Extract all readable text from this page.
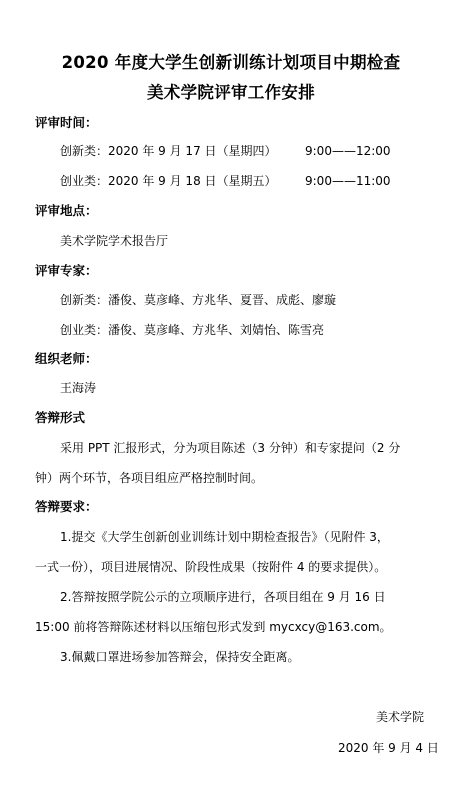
2020 年度大学生创新训练计划项目中期检查
美术学院评审工作安排
评审时间：
创新类：2020 年 9 月 17 日（星期四） 9:00——12:00
创业类：2020 年 9 月 18 日（星期五） 9:00——11:00
评审地点：
美术学院学术报告厅
评审专家：
创新类：潘俊、莫彦峰、方兆华、夏晋、成彪、廖璇
创业类：潘俊、莫彦峰、方兆华、刘婧怡、陈雪亮
组织老师：
王海涛
答辩形式
采用 PPT 汇报形式，分为项目陈述（3 分钟）和专家提问（2 分
钟）两个环节，各项目组应严格控制时间。
答辩要求：
1.提交《大学生创新创业训练计划中期检查报告》（见附件 3，
一式一份），项目进展情况、阶段性成果（按附件 4 的要求提供）。
2.答辩按照学院公示的立项顺序进行，各项目组在 9 月 16 日
15:00 前将答辩陈述材料以压缩包形式发到 mycxcy@163.com。
3.佩戴口罩进场参加答辩会，保持安全距离。
美术学院
2020 年 9 月 4 日
